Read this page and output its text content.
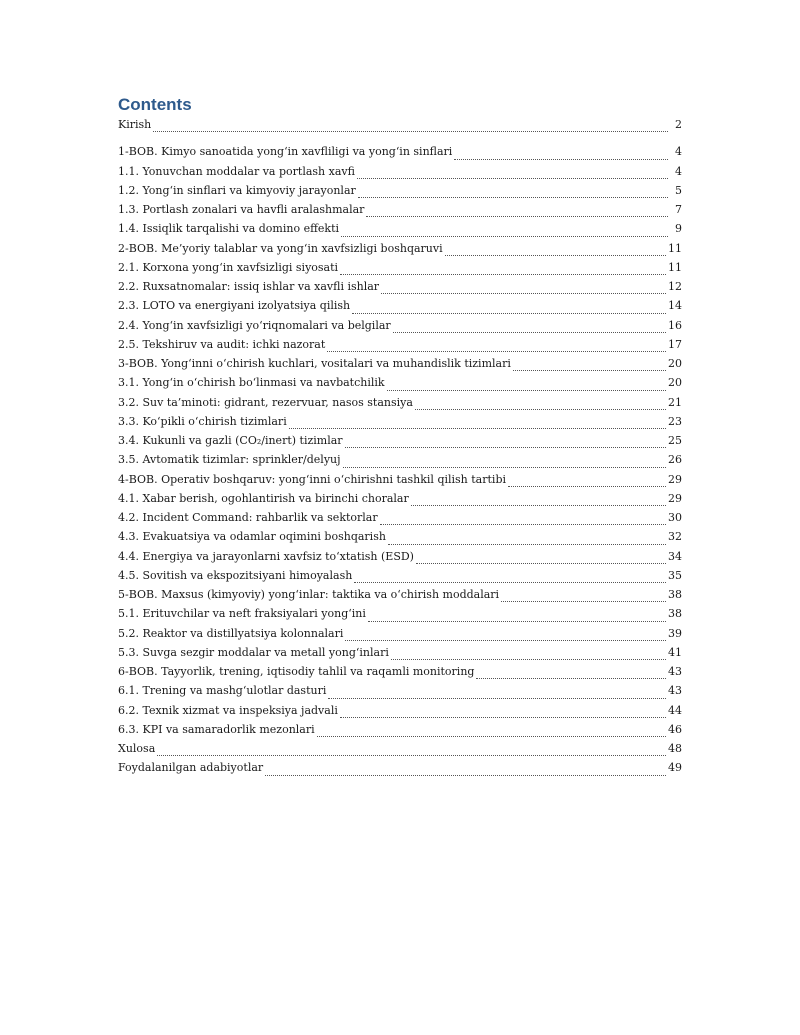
Contents
Kirish	2
1-BOB. Kimyo sanoatida yong‘in xavfliligi va yong‘in sinflari	4
1.1. Yonuvchan moddalar va portlash xavfi	4
1.2. Yong‘in sinflari va kimyoviy jarayonlar	5
1.3. Portlash zonalari va havfli aralashmalar	7
1.4. Issiqlik tarqalishi va domino effekti	9
2-BOB. Me’yoriy talablar va yong‘in xavfsizligi boshqaruvi	11
2.1. Korxona yong‘in xavfsizligi siyosati	11
2.2. Ruxsatnomalar: issiq ishlar va xavfli ishlar	12
2.3. LOTO va energiyani izolyatsiya qilish	14
2.4. Yong‘in xavfsizligi yo‘riqnomalari va belgilar	16
2.5. Tekshiruv va audit: ichki nazorat	17
3-BOB. Yong‘inni o‘chirish kuchlari, vositalari va muhandislik tizimlari	20
3.1. Yong‘in o‘chirish bo‘linmasi va navbatchilik	20
3.2. Suv ta’minoti: gidrant, rezervuar, nasos stansiya	21
3.3. Ko‘pikli o‘chirish tizimlari	23
3.4. Kukunli va gazli (CO₂/inert) tizimlar	25
3.5. Avtomatik tizimlar: sprinkler/delyuj	26
4-BOB. Operativ boshqaruv: yong‘inni o‘chirishni tashkil qilish tartibi	29
4.1. Xabar berish, ogohlantirish va birinchi choralar	29
4.2. Incident Command: rahbarlik va sektorlar	30
4.3. Evakuatsiya va odamlar oqimini boshqarish	32
4.4. Energiya va jarayonlarni xavfsiz to‘xtatish (ESD)	34
4.5. Sovitish va ekspozitsiyani himoyalash	35
5-BOB. Maxsus (kimyoviy) yong‘inlar: taktika va o‘chirish moddalari	38
5.1. Erituvchilar va neft fraksiyalari yong‘ini	38
5.2. Reaktor va distillyatsiya kolonnalari	39
5.3. Suvga sezgir moddalar va metall yong‘inlari	41
6-BOB. Tayyorlik, trening, iqtisodiy tahlil va raqamli monitoring	43
6.1. Trening va mashg‘ulotlar dasturi	43
6.2. Texnik xizmat va inspeksiya jadvali	44
6.3. KPI va samaradorlik mezonlari	46
Xulosa	48
Foydalanilgan adabiyotlar	49
